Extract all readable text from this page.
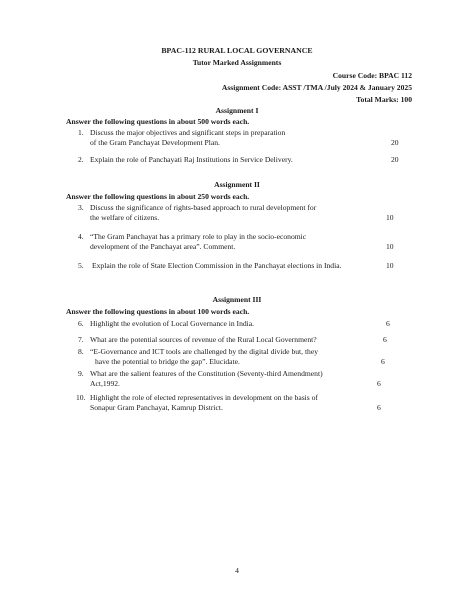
BPAC-112 RURAL LOCAL GOVERNANCE
Tutor Marked Assignments
Course Code: BPAC 112
Assignment Code: ASST /TMA /July 2024 & January 2025
Total Marks: 100
Assignment I
Answer the following questions in about 500 words each.
1. Discuss the major objectives and significant steps in preparation
of the Gram Panchayat Development Plan.	20
2. Explain the role of Panchayati Raj Institutions in Service Delivery.	20
Assignment II
Answer the following questions in about 250 words each.
3. Discuss the significance of rights-based approach to rural development for
the welfare of citizens.	10
4. “The Gram Panchayat has a primary role to play in the socio-economic
development of the Panchayat area”. Comment.	10
5. Explain the role of State Election Commission in the Panchayat elections in India.	10
Assignment III
Answer the following questions in about 100 words each.
6. Highlight the evolution of Local Governance in India.	6
7. What are the potential sources of revenue of the Rural Local Government?	6
8. “E-Governance and ICT tools are challenged by the digital divide but, they
have the potential to bridge the gap”. Elucidate.	6
9. What are the salient features of the Constitution (Seventy-third Amendment)
Act,1992.	6
10. Highlight the role of elected representatives in development on the basis of
Sonapur Gram Panchayat, Kamrup District.	6
4
